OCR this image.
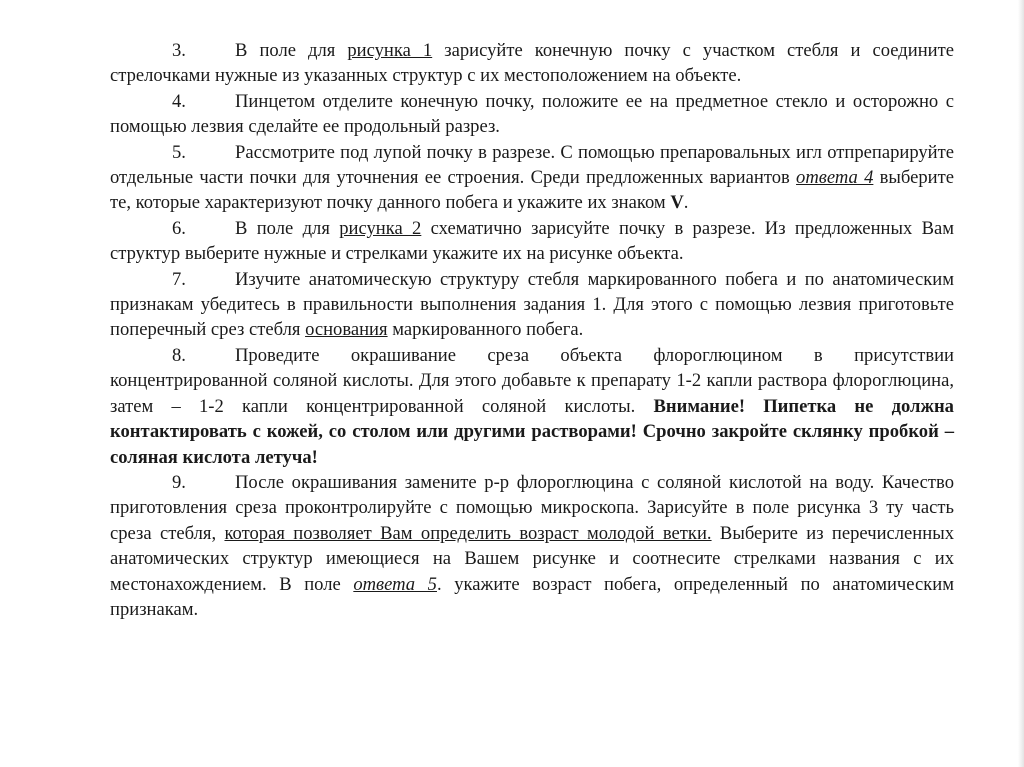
3.	В поле для рисунка 1 зарисуйте конечную почку с участком стебля и соедините стрелочками нужные из указанных структур с их местоположением на объекте.

4.	Пинцетом отделите конечную почку, положите ее на предметное стекло и осторожно с помощью лезвия сделайте ее продольный разрез.

5.	Рассмотрите под лупой почку в разрезе. С помощью препаровальных игл отпрепарируйте отдельные части почки для уточнения ее строения. Среди предложенных вариантов ответа 4 выберите те, которые характеризуют почку данного побега и укажите их знаком V.

6.	В поле для рисунка 2 схематично зарисуйте почку в разрезе. Из предложенных Вам структур выберите нужные и стрелками укажите их на рисунке объекта.

7.	Изучите анатомическую структуру стебля маркированного побега и по анатомическим признакам убедитесь в правильности выполнения задания 1. Для этого с помощью лезвия приготовьте поперечный срез стебля основания маркированного побега.

8.	Проведите окрашивание среза объекта флороглюцином в присутствии концентрированной соляной кислоты. Для этого добавьте к препарату 1-2 капли раствора флороглюцина, затем – 1-2 капли концентрированной соляной кислоты. Внимание! Пипетка не должна контактировать с кожей, со столом или другими растворами! Срочно закройте склянку пробкой – соляная кислота летуча!

9.	После окрашивания замените р-р флороглюцина с соляной кислотой на воду. Качество приготовления среза проконтролируйте с помощью микроскопа. Зарисуйте в поле рисунка 3 ту часть среза стебля, которая позволяет Вам определить возраст молодой ветки. Выберите из перечисленных анатомических структур имеющиеся на Вашем рисунке и соотнесите стрелками названия с их местонахождением. В поле ответа 5. укажите возраст побега, определенный по анатомическим признакам.
